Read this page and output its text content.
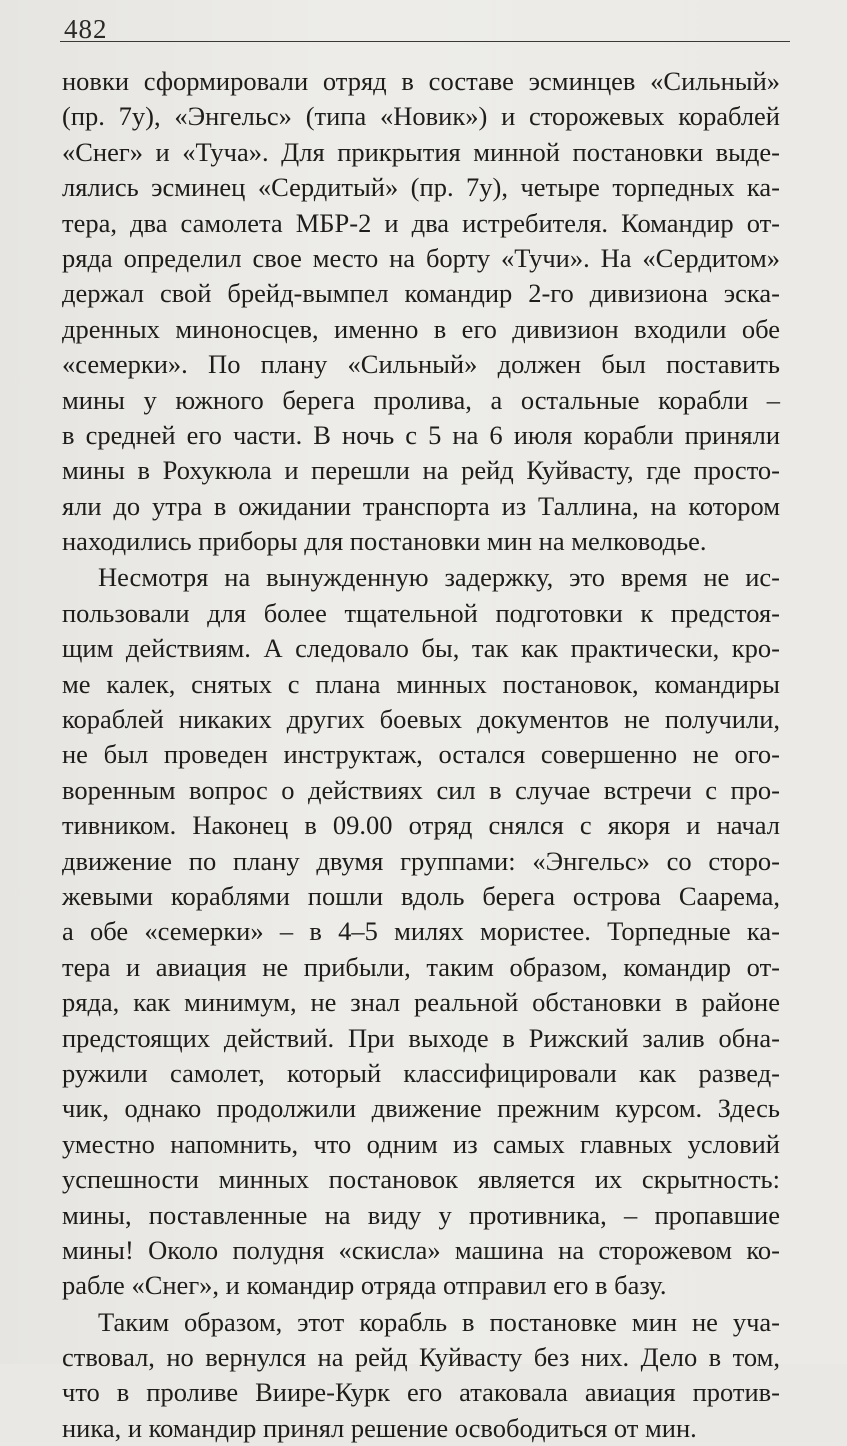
482
новки сформировали отряд в составе эсминцев «Сильный»
(пр. 7у), «Энгельс» (типа «Новик») и сторожевых кораблей
«Снег» и «Туча». Для прикрытия минной постановки выде-
лялись эсминец «Сердитый» (пр. 7у), четыре торпедных ка-
тера, два самолета МБР-2 и два истребителя. Командир от-
ряда определил свое место на борту «Тучи». На «Сердитом»
держал свой брейд-вымпел командир 2-го дивизиона эска-
дренных миноносцев, именно в его дивизион входили обе
«семерки». По плану «Сильный» должен был поставить
мины у южного берега пролива, а остальные корабли –
в средней его части. В ночь с 5 на 6 июля корабли приняли
мины в Рохукюла и перешли на рейд Куйвасту, где просто-
яли до утра в ожидании транспорта из Таллина, на котором
находились приборы для постановки мин на мелководье.
Несмотря на вынужденную задержку, это время не ис-
пользовали для более тщательной подготовки к предстоя-
щим действиям. А следовало бы, так как практически, кро-
ме калек, снятых с плана минных постановок, командиры
кораблей никаких других боевых документов не получили,
не был проведен инструктаж, остался совершенно не ого-
воренным вопрос о действиях сил в случае встречи с про-
тивником. Наконец в 09.00 отряд снялся с якоря и начал
движение по плану двумя группами: «Энгельс» со сторо-
жевыми кораблями пошли вдоль берега острова Саарема,
а обе «семерки» – в 4–5 милях мористее. Торпедные ка-
тера и авиация не прибыли, таким образом, командир от-
ряда, как минимум, не знал реальной обстановки в районе
предстоящих действий. При выходе в Рижский залив обна-
ружили самолет, который классифицировали как развед-
чик, однако продолжили движение прежним курсом. Здесь
уместно напомнить, что одним из самых главных условий
успешности минных постановок является их скрытность:
мины, поставленные на виду у противника, – пропавшие
мины! Около полудня «скисла» машина на сторожевом ко-
рабле «Снег», и командир отряда отправил его в базу.
Таким образом, этот корабль в постановке мин не уча-
ствовал, но вернулся на рейд Куйвасту без них. Дело в том,
что в проливе Виире-Курк его атаковала авиация против-
ника, и командир принял решение освободиться от мин.
